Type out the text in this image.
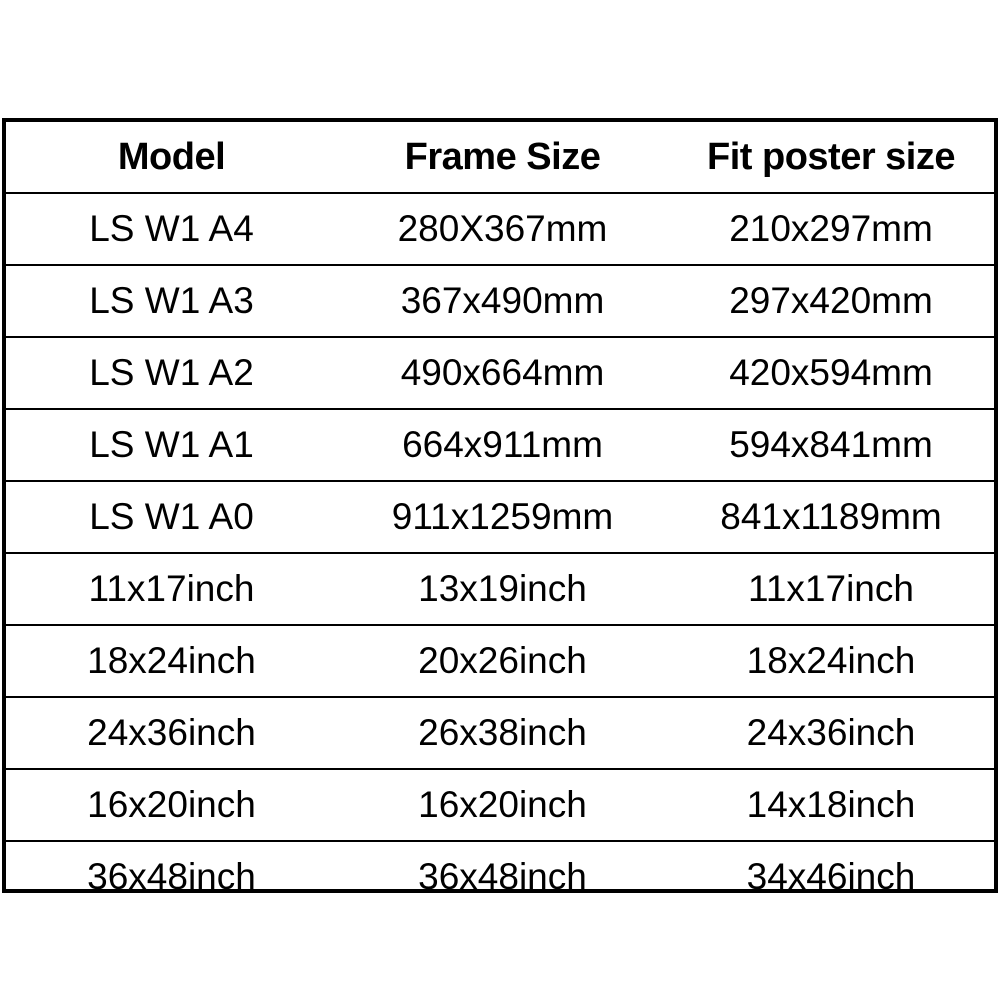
Model	Frame Size	Fit poster size
LS W1 A4	280X367mm	210x297mm
LS W1 A3	367x490mm	297x420mm
LS W1 A2	490x664mm	420x594mm
LS W1 A1	664x911mm	594x841mm
LS W1 A0	911x1259mm	841x1189mm
11x17inch	13x19inch	11x17inch
18x24inch	20x26inch	18x24inch
24x36inch	26x38inch	24x36inch
16x20inch	16x20inch	14x18inch
36x48inch	36x48inch	34x46inch
